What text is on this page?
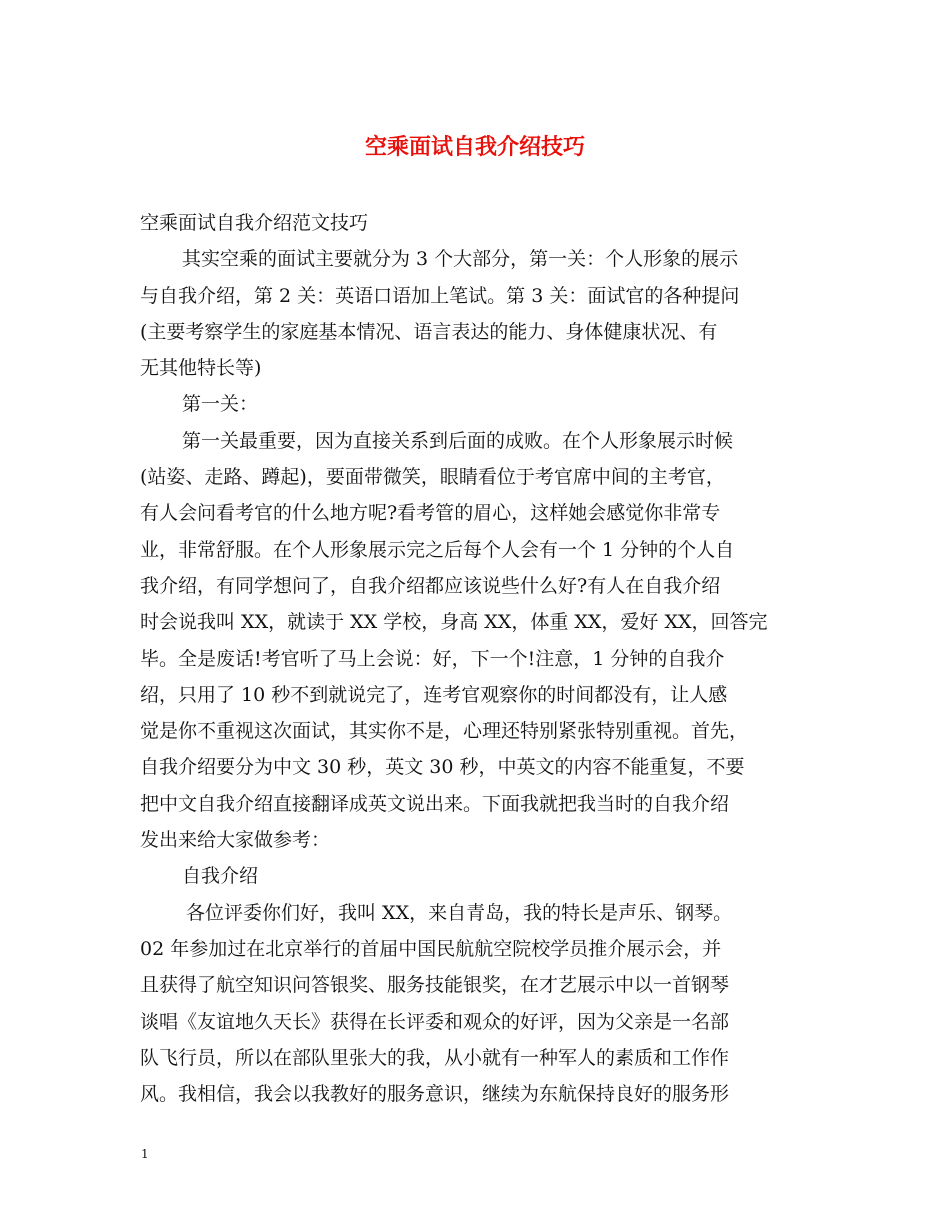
空乘面试自我介绍技巧
空乘面试自我介绍范文技巧
其实空乘的面试主要就分为 3 个大部分，第一关：个人形象的展示
与自我介绍，第 2 关：英语口语加上笔试。第 3 关：面试官的各种提问
(主要考察学生的家庭基本情况、语言表达的能力、身体健康状况、有
无其他特长等)
第一关：
第一关最重要，因为直接关系到后面的成败。在个人形象展示时候
(站姿、走路、蹲起)，要面带微笑，眼睛看位于考官席中间的主考官，
有人会问看考官的什么地方呢?看考管的眉心，这样她会感觉你非常专
业，非常舒服。在个人形象展示完之后每个人会有一个 1 分钟的个人自
我介绍，有同学想问了，自我介绍都应该说些什么好?有人在自我介绍
时会说我叫 XX，就读于 XX 学校，身高 XX，体重 XX，爱好 XX，回答完
毕。全是废话!考官听了马上会说：好，下一个!注意，1 分钟的自我介
绍，只用了 10 秒不到就说完了，连考官观察你的时间都没有，让人感
觉是你不重视这次面试，其实你不是，心理还特别紧张特别重视。首先，
自我介绍要分为中文 30 秒，英文 30 秒，中英文的内容不能重复，不要
把中文自我介绍直接翻译成英文说出来。下面我就把我当时的自我介绍
发出来给大家做参考：
自我介绍
各位评委你们好，我叫 XX，来自青岛，我的特长是声乐、钢琴。
02 年参加过在北京举行的首届中国民航航空院校学员推介展示会，并
且获得了航空知识问答银奖、服务技能银奖，在才艺展示中以一首钢琴
谈唱《友谊地久天长》获得在长评委和观众的好评，因为父亲是一名部
队飞行员，所以在部队里张大的我，从小就有一种军人的素质和工作作
风。我相信，我会以我教好的服务意识，继续为东航保持良好的服务形
1
